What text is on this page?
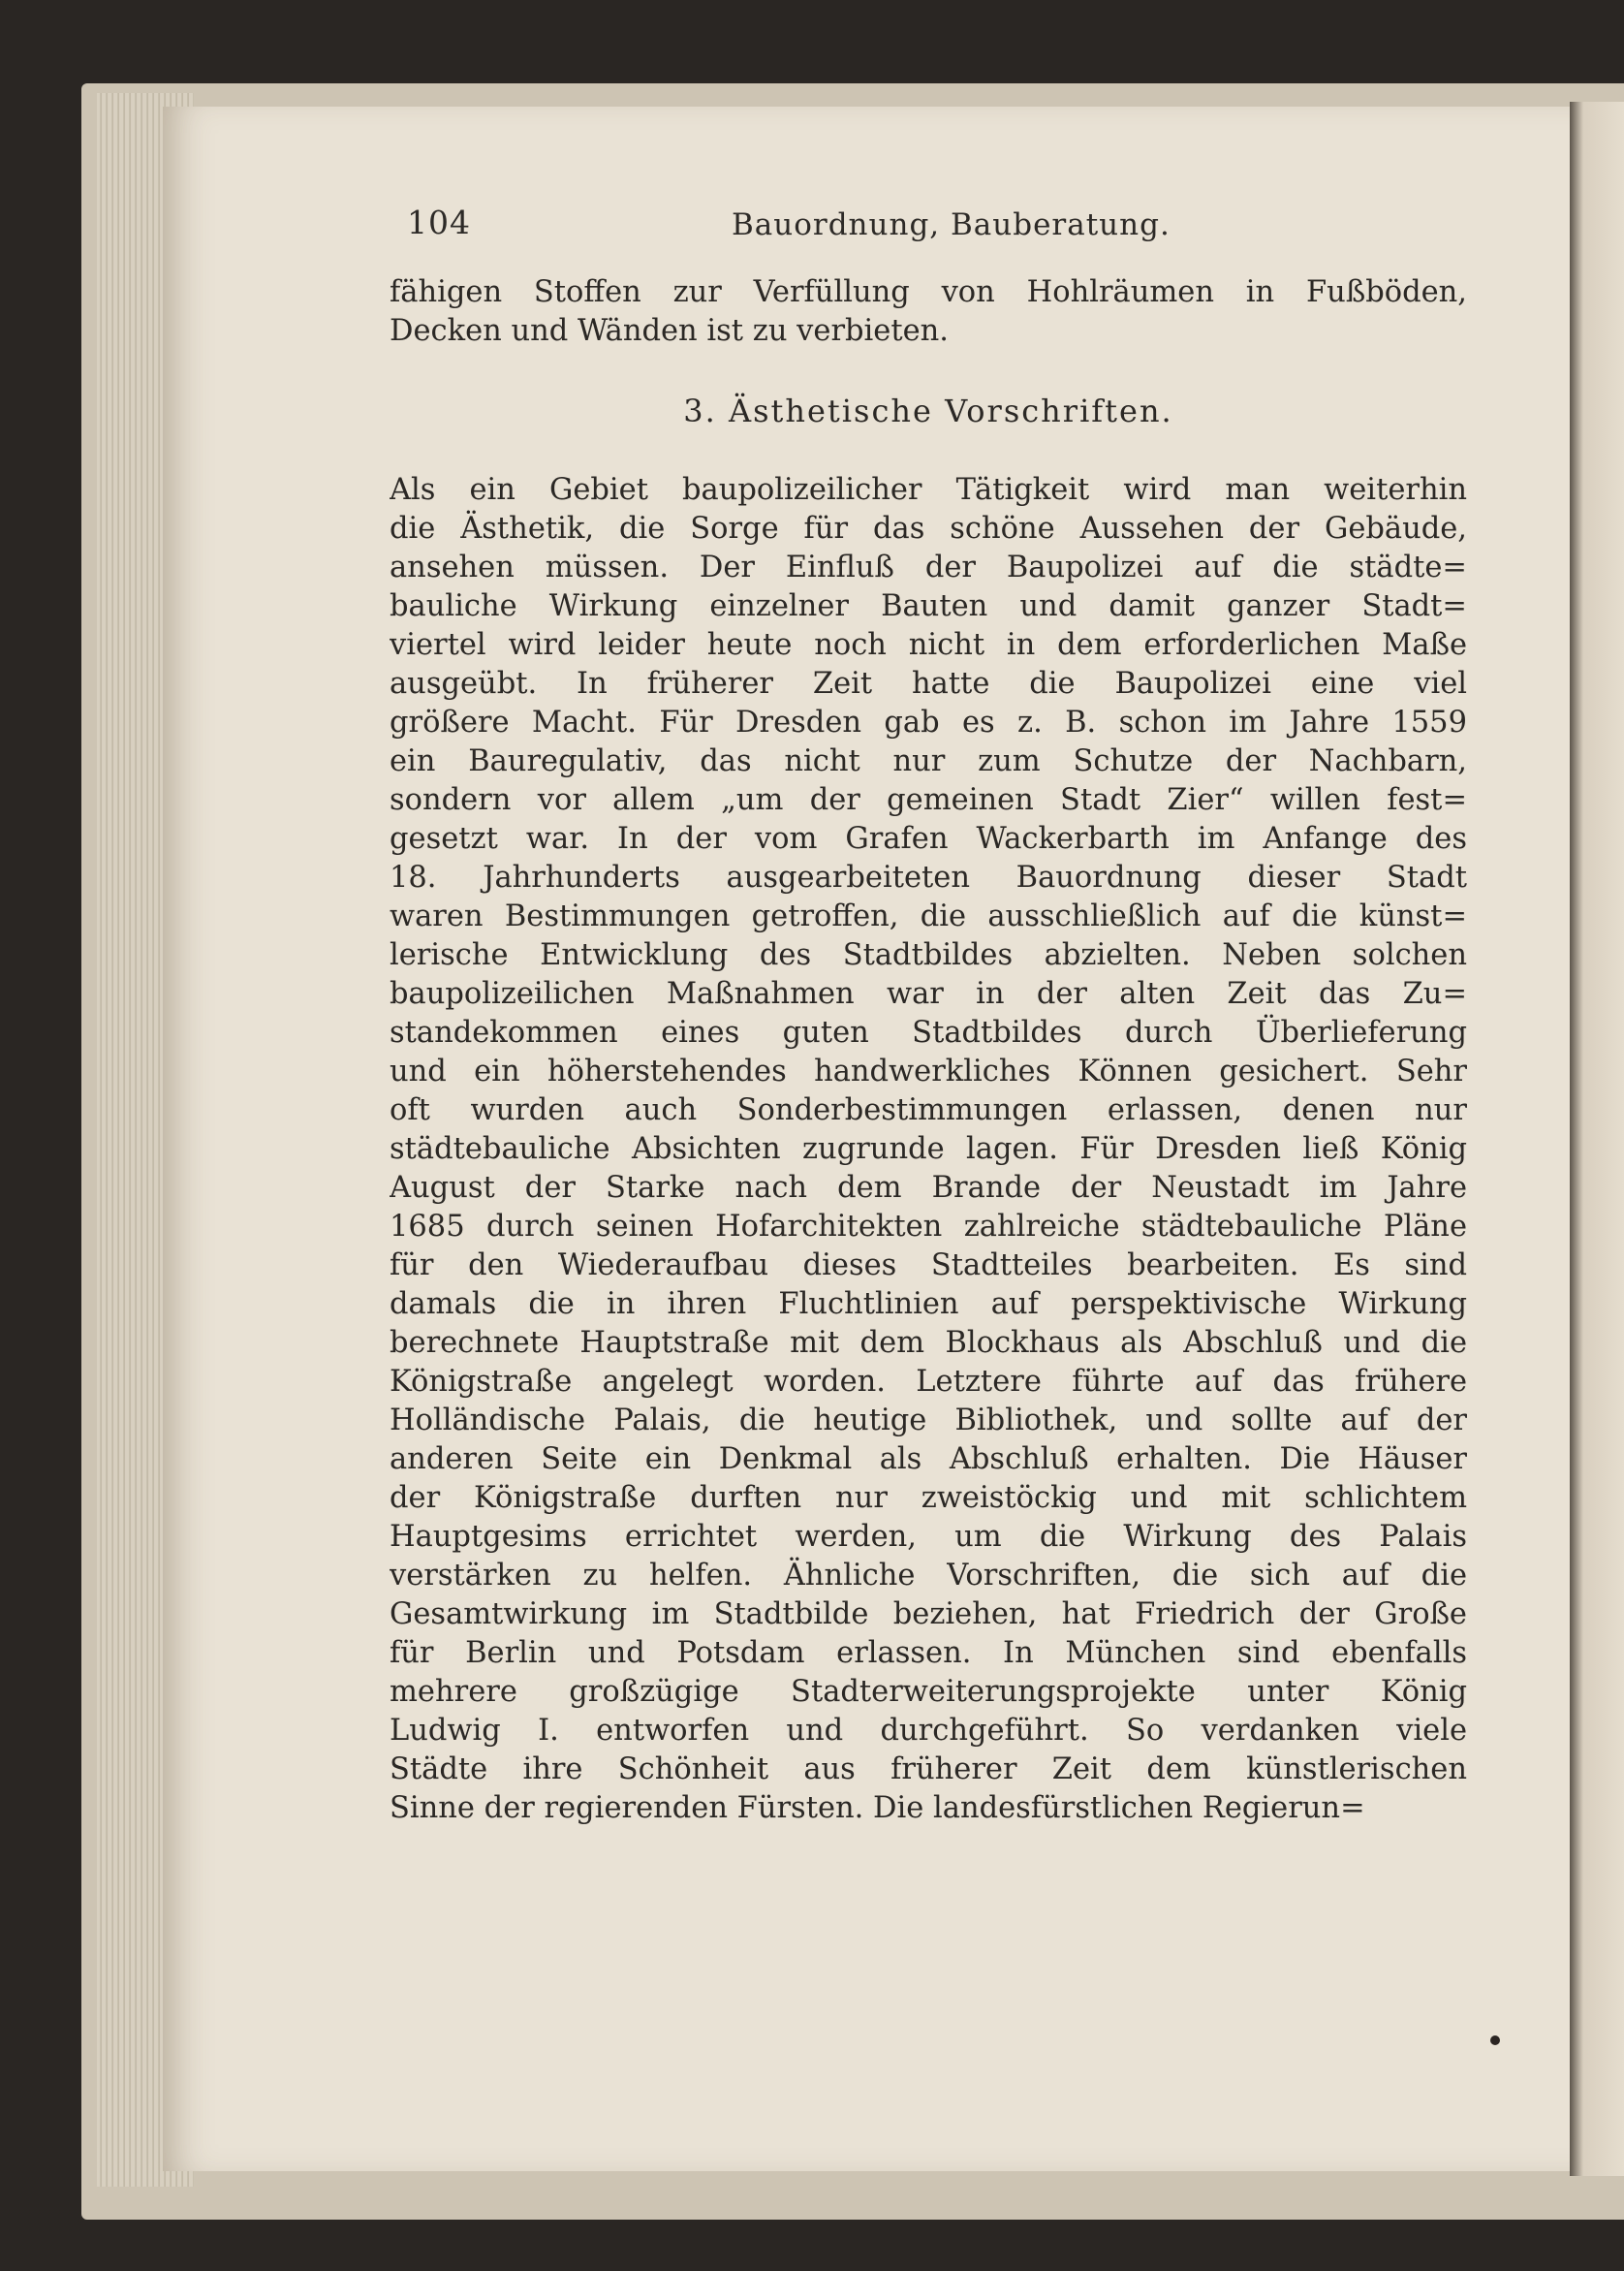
104	Bauordnung, Bauberatung.
fähigen Stoffen zur Verfüllung von Hohlräumen in Fußböden,
Decken und Wänden ist zu verbieten.
3. Ästhetische Vorschriften.
Als ein Gebiet baupolizeilicher Tätigkeit wird man weiterhin
die Ästhetik, die Sorge für das schöne Aussehen der Gebäude,
ansehen müssen. Der Einfluß der Baupolizei auf die städte=
bauliche Wirkung einzelner Bauten und damit ganzer Stadt=
viertel wird leider heute noch nicht in dem erforderlichen Maße
ausgeübt. In früherer Zeit hatte die Baupolizei eine viel
größere Macht. Für Dresden gab es z. B. schon im Jahre 1559
ein Bauregulativ, das nicht nur zum Schutze der Nachbarn,
sondern vor allem „um der gemeinen Stadt Zier“ willen fest=
gesetzt war. In der vom Grafen Wackerbarth im Anfange des
18. Jahrhunderts ausgearbeiteten Bauordnung dieser Stadt
waren Bestimmungen getroffen, die ausschließlich auf die künst=
lerische Entwicklung des Stadtbildes abzielten. Neben solchen
baupolizeilichen Maßnahmen war in der alten Zeit das Zu=
standekommen eines guten Stadtbildes durch Überlieferung
und ein höherstehendes handwerkliches Können gesichert. Sehr
oft wurden auch Sonderbestimmungen erlassen, denen nur
städtebauliche Absichten zugrunde lagen. Für Dresden ließ König
August der Starke nach dem Brande der Neustadt im Jahre
1685 durch seinen Hofarchitekten zahlreiche städtebauliche Pläne
für den Wiederaufbau dieses Stadtteiles bearbeiten. Es sind
damals die in ihren Fluchtlinien auf perspektivische Wirkung
berechnete Hauptstraße mit dem Blockhaus als Abschluß und die
Königstraße angelegt worden. Letztere führte auf das frühere
Holländische Palais, die heutige Bibliothek, und sollte auf der
anderen Seite ein Denkmal als Abschluß erhalten. Die Häuser
der Königstraße durften nur zweistöckig und mit schlichtem
Hauptgesims errichtet werden, um die Wirkung des Palais
verstärken zu helfen. Ähnliche Vorschriften, die sich auf die
Gesamtwirkung im Stadtbilde beziehen, hat Friedrich der Große
für Berlin und Potsdam erlassen. In München sind ebenfalls
mehrere großzügige Stadterweiterungsprojekte unter König
Ludwig I. entworfen und durchgeführt. So verdanken viele
Städte ihre Schönheit aus früherer Zeit dem künstlerischen
Sinne der regierenden Fürsten. Die landesfürstlichen Regierun=
